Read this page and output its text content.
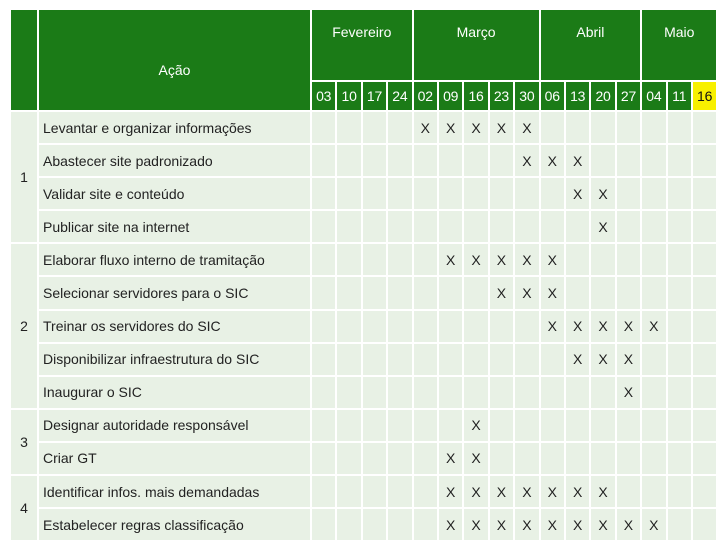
	Ação	Fevereiro				Março					Abril				Maio		
		03	10	17	24	02	09	16	23	30	06	13	20	27	04	11	16
1	Levantar e organizar informações					X	X	X	X	X							
	Abastecer site padronizado									X	X	X					
	Validar site e conteúdo											X	X				
	Publicar site na internet												X				
2	Elaborar fluxo interno de tramitação						X	X	X	X	X						
	Selecionar servidores para o SIC								X	X	X						
	Treinar os servidores do SIC										X	X	X	X	X		
	Disponibilizar infraestrutura do SIC											X	X	X			
	Inaugurar o SIC													X			
3	Designar autoridade responsável							X									
	Criar GT						X	X									
4	Identificar infos. mais demandadas						X	X	X	X	X	X	X				
	Estabelecer regras classificação						X	X	X	X	X	X	X	X	X		
